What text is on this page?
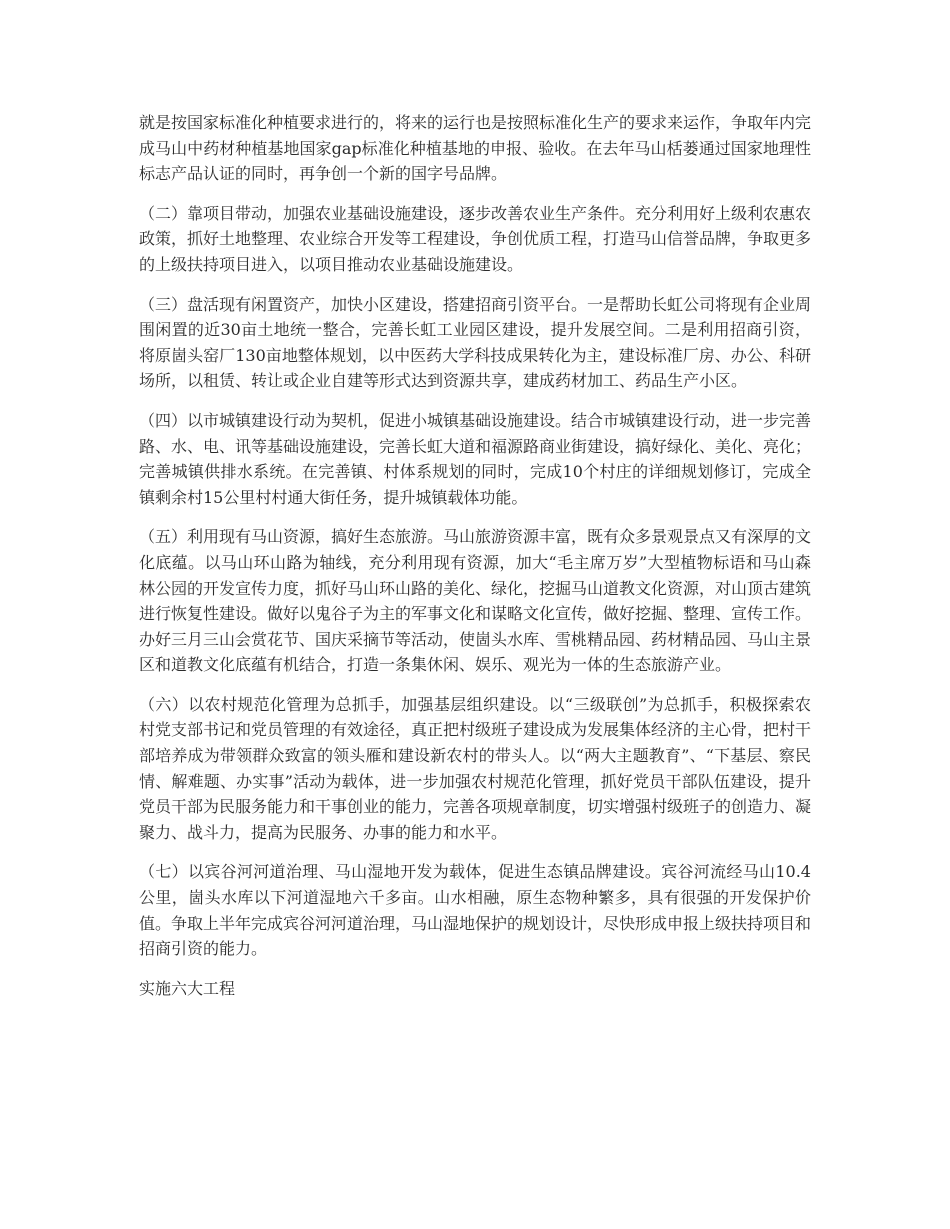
就是按国家标准化种植要求进行的，将来的运行也是按照标准化生产的要求来运作，争取年内完成马山中药材种植基地国家gap标准化种植基地的申报、验收。在去年马山栝蒌通过国家地理性标志产品认证的同时，再争创一个新的国字号品牌。

（二）靠项目带动，加强农业基础设施建设，逐步改善农业生产条件。充分利用好上级利农惠农政策，抓好土地整理、农业综合开发等工程建设，争创优质工程，打造马山信誉品牌，争取更多的上级扶持项目进入，以项目推动农业基础设施建设。

（三）盘活现有闲置资产，加快小区建设，搭建招商引资平台。一是帮助长虹公司将现有企业周围闲置的近30亩土地统一整合，完善长虹工业园区建设，提升发展空间。二是利用招商引资，将原崮头窑厂130亩地整体规划，以中医药大学科技成果转化为主，建设标准厂房、办公、科研场所，以租赁、转让或企业自建等形式达到资源共享，建成药材加工、药品生产小区。

（四）以市城镇建设行动为契机，促进小城镇基础设施建设。结合市城镇建设行动，进一步完善路、水、电、讯等基础设施建设，完善长虹大道和福源路商业街建设，搞好绿化、美化、亮化；完善城镇供排水系统。在完善镇、村体系规划的同时，完成10个村庄的详细规划修订，完成全镇剩余村15公里村村通大街任务，提升城镇载体功能。

（五）利用现有马山资源，搞好生态旅游。马山旅游资源丰富，既有众多景观景点又有深厚的文化底蕴。以马山环山路为轴线，充分利用现有资源，加大“毛主席万岁”大型植物标语和马山森林公园的开发宣传力度，抓好马山环山路的美化、绿化，挖掘马山道教文化资源，对山顶古建筑进行恢复性建设。做好以鬼谷子为主的军事文化和谋略文化宣传，做好挖掘、整理、宣传工作。办好三月三山会赏花节、国庆采摘节等活动，使崮头水库、雪桃精品园、药材精品园、马山主景区和道教文化底蕴有机结合，打造一条集休闲、娱乐、观光为一体的生态旅游产业。

（六）以农村规范化管理为总抓手，加强基层组织建设。以“三级联创”为总抓手，积极探索农村党支部书记和党员管理的有效途径，真正把村级班子建设成为发展集体经济的主心骨，把村干部培养成为带领群众致富的领头雁和建设新农村的带头人。以“两大主题教育”、“下基层、察民情、解难题、办实事”活动为载体，进一步加强农村规范化管理，抓好党员干部队伍建设，提升党员干部为民服务能力和干事创业的能力，完善各项规章制度，切实增强村级班子的创造力、凝聚力、战斗力，提高为民服务、办事的能力和水平。

（七）以宾谷河河道治理、马山湿地开发为载体，促进生态镇品牌建设。宾谷河流经马山10.4公里，崮头水库以下河道湿地六千多亩。山水相融，原生态物种繁多，具有很强的开发保护价值。争取上半年完成宾谷河河道治理，马山湿地保护的规划设计，尽快形成申报上级扶持项目和招商引资的能力。

实施六大工程
